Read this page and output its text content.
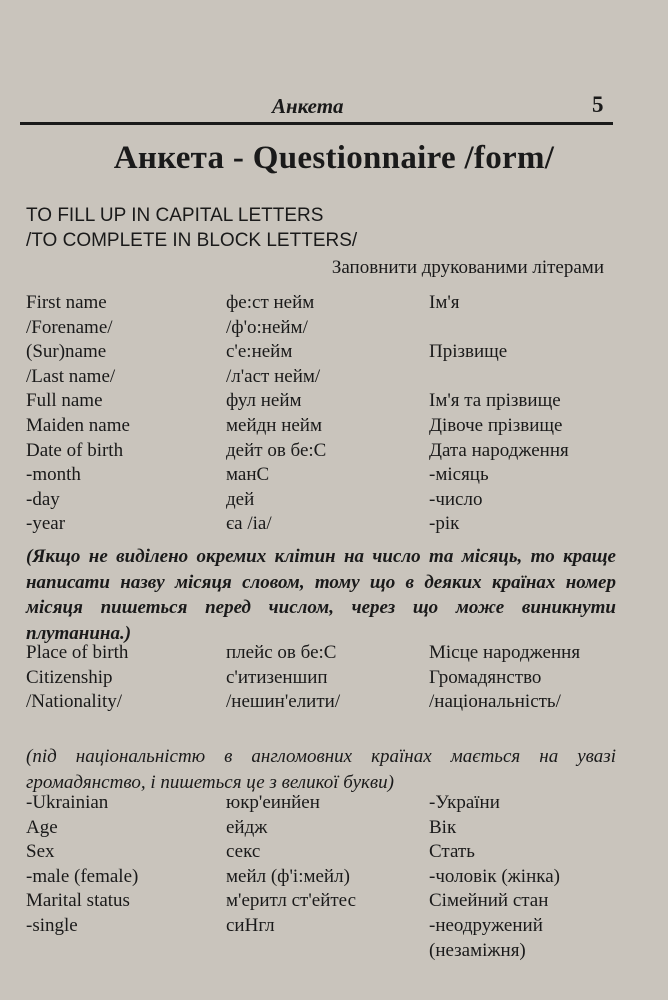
Анкета	5
Анкета - Questionnaire /form/
TO FILL UP IN CAPITAL LETTERS
/TO COMPLETE IN BLOCK LETTERS/
Заповнити друкованими літерами
First name	фе:ст нейм	Ім'я
/Forename/	/ф'о:нейм/
(Sur)name	с'е:нейм	Прізвище
/Last name/	/л'аст нейм/
Full name	фул нейм	Ім'я та прізвище
Maiden name	мейдн нейм	Дівоче прізвище
Date of birth	дейт ов бе:С	Дата народження
-month	манС	-місяць
-day	дей	-число
-year	єа /іа/	-рік
(Якщо не виділено окремих клітин на число та місяць, то краще написати назву місяця словом, тому що в деяких країнах номер місяця пишеться перед числом, через що може виникнути плутанина.)
Place of birth	плейс ов бе:С	Місце народження
Citizenship	с'итизеншип	Громадянство
/Nationality/	/нешин'елити/	/національність/
(під національністю в англомовних країнах мається на увазі громадянство, і пишеться це з великої букви)
-Ukrainian	юкр'еинйен	-України
Age	ейдж	Вік
Sex	секс	Стать
-male (female)	мейл (ф'і:мейл)	-чоловік (жінка)
Marital status	м'еритл ст'ейтес	Сімейний стан
-single	сиНгл	-неодружений
(незаміжня)
